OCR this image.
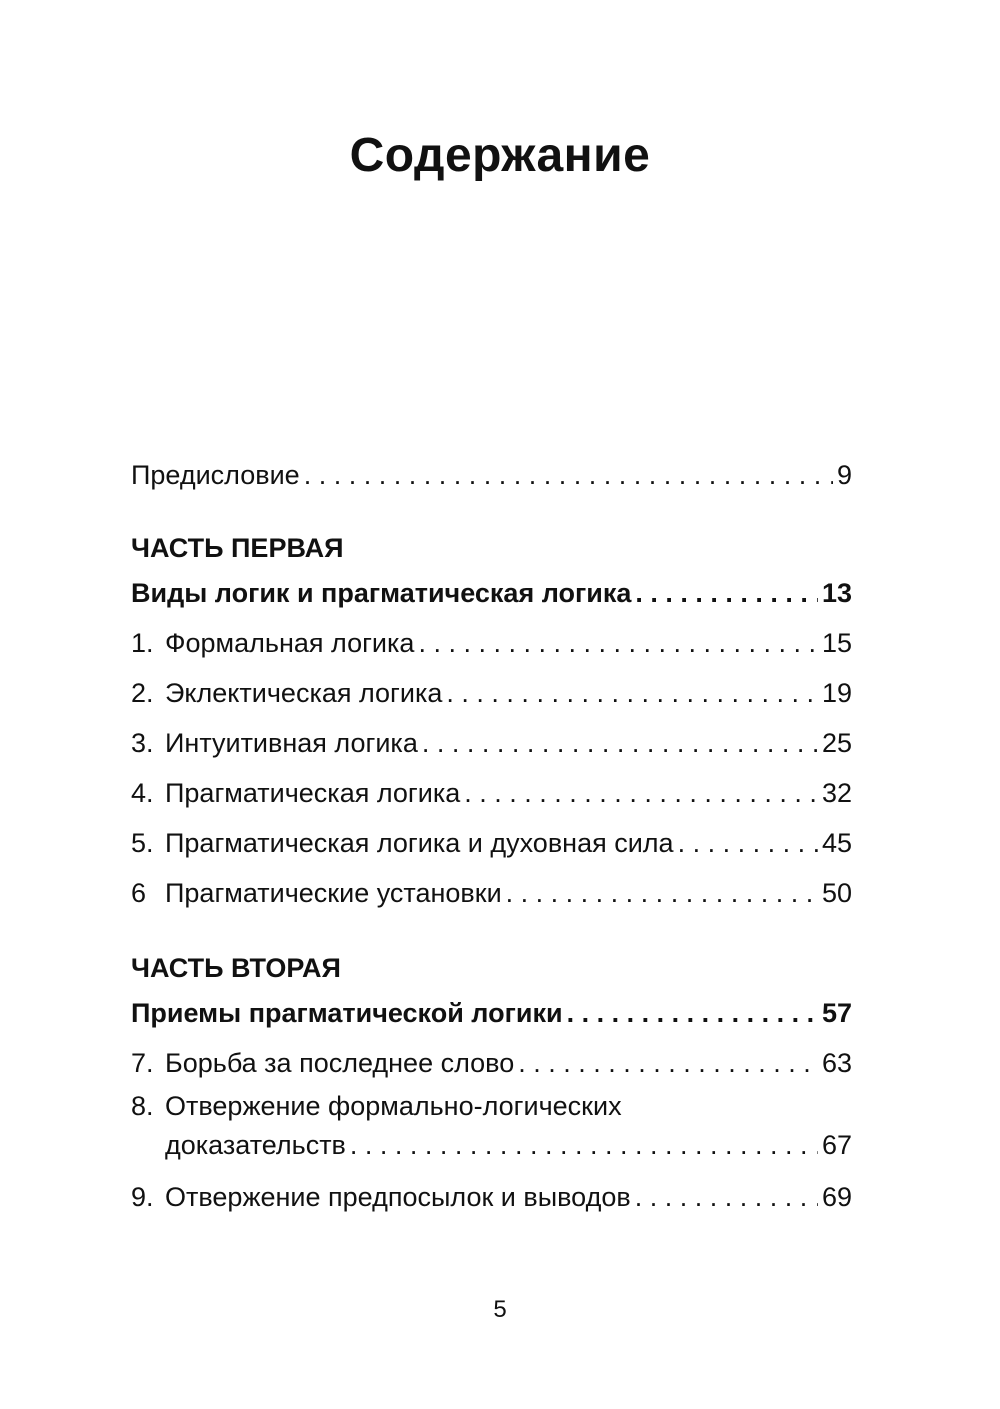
Содержание
Предисловие . . .	9
ЧАСТЬ ПЕРВАЯ
Виды логик и прагматическая логика . . .	13
1. Формальная логика . . .	15
2. Эклектическая логика . . .	19
3. Интуитивная логика . . .	25
4. Прагматическая логика . . .	32
5. Прагматическая логика и духовная сила . . .	45
6 Прагматические установки . . .	50
ЧАСТЬ ВТОРАЯ
Приемы прагматической логики . . .	57
7. Борьба за последнее слово . . .	63
8. Отвержение формально-логических
доказательств . . .	67
9. Отвержение предпосылок и выводов . . .	69
5
